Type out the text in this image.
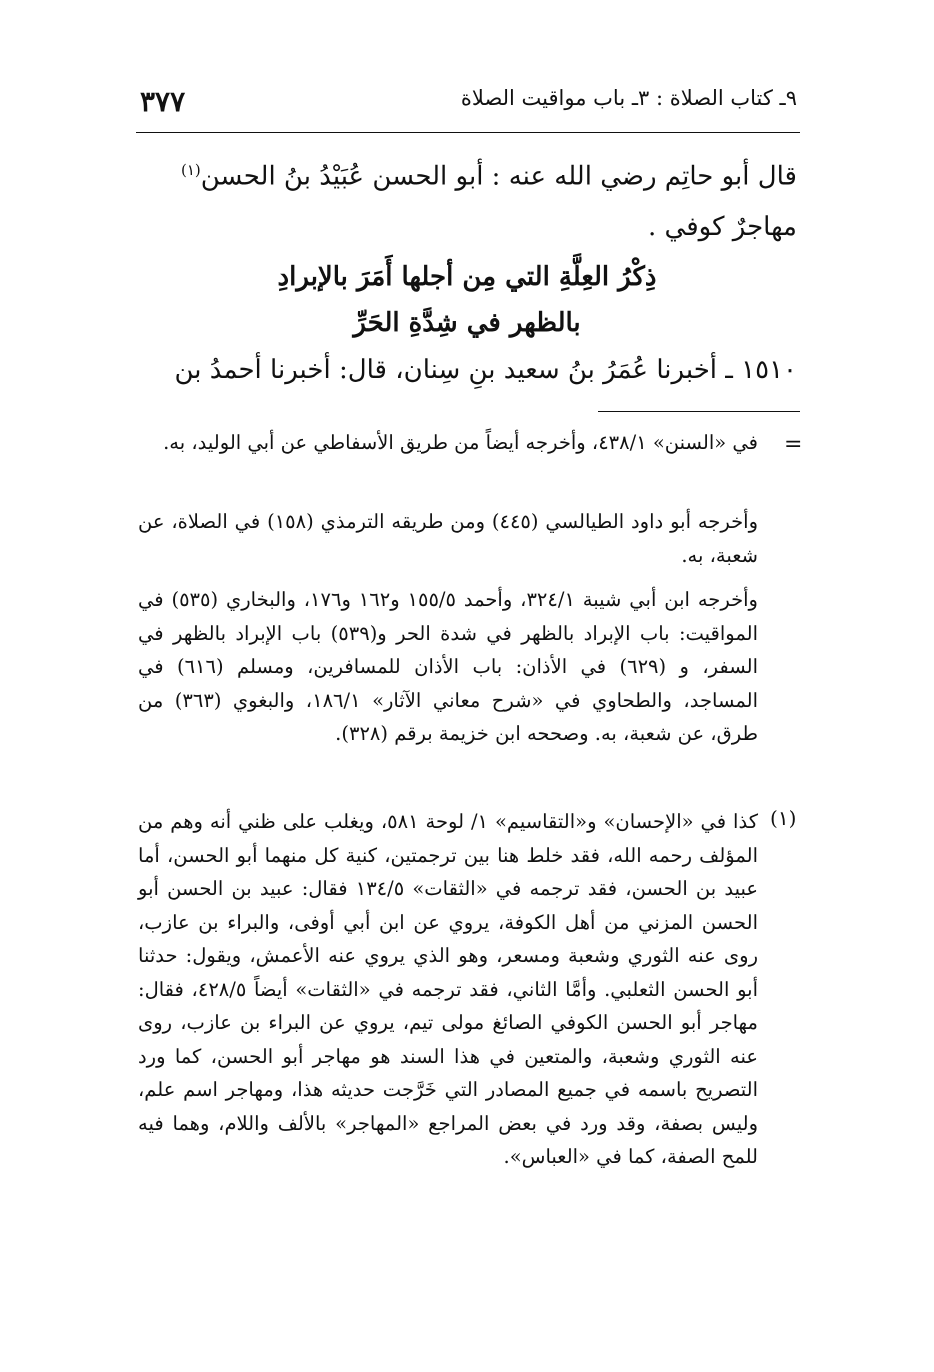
٣٧٧	٩ـ كتاب الصلاة : ٣ـ باب مواقيت الصلاة
قال أبو حاتِم رضي الله عنه : أبو الحسن عُبَيْدُ بنُ الحسن$^{(١)}$
مهاجرٌ كوفي .
ذِكْرُ العِلَّةِ التي مِن أجلها أَمَرَ بالإبرادِ
بالظهر في شِدَّةِ الحَرِّ
١٥١٠ ـ أخبرنا عُمَرُ بنُ سعيد بنِ سِنان، قال: أخبرنا أحمدُ بن
=

في «السنن» ٤٣٨/١، وأخرجه أيضاً من طريق الأسفاطي عن أبي الوليد، به.

وأخرجه أبو داود الطيالسي (٤٤٥) ومن طريقه الترمذي (١٥٨) في الصلاة، عن شعبة، به.

وأخرجه ابن أبي شيبة ٣٢٤/١، وأحمد ١٥٥/٥ و١٦٢ و١٧٦، والبخاري (٥٣٥) في المواقيت: باب الإبراد بالظهر في شدة الحر و(٥٣٩) باب الإبراد بالظهر في السفر، و (٦٢٩) في الأذان: باب الأذان للمسافرين، ومسلم (٦١٦) في المساجد، والطحاوي في «شرح معاني الآثار» ١٨٦/١، والبغوي (٣٦٣) من طرق، عن شعبة، به. وصححه ابن خزيمة برقم (٣٢٨).

(١)

كذا في «الإحسان» و«التقاسيم» ١/ لوحة ٥٨١، ويغلب على ظني أنه وهم من المؤلف رحمه الله، فقد خلط هنا بين ترجمتين، كنية كل منهما أبو الحسن، أما عبيد بن الحسن، فقد ترجمه في «الثقات» ١٣٤/٥ فقال: عبيد بن الحسن أبو الحسن المزني من أهل الكوفة، يروي عن ابن أبي أوفى، والبراء بن عازب، روى عنه الثوري وشعبة ومسعر، وهو الذي يروي عنه الأعمش، ويقول: حدثنا أبو الحسن الثعلبي. وأمَّا الثاني، فقد ترجمه في «الثقات» أيضاً ٤٢٨/٥، فقال: مهاجر أبو الحسن الكوفي الصائغ مولى تيم، يروي عن البراء بن عازب، روى عنه الثوري وشعبة، والمتعين في هذا السند هو مهاجر أبو الحسن، كما ورد التصريح باسمه في جميع المصادر التي خَرَّجت حديثه هذا، ومهاجر اسم علم، وليس بصفة، وقد ورد في بعض المراجع «المهاجر» بالألف واللام، وهما فيه للمح الصفة، كما في «العباس».
